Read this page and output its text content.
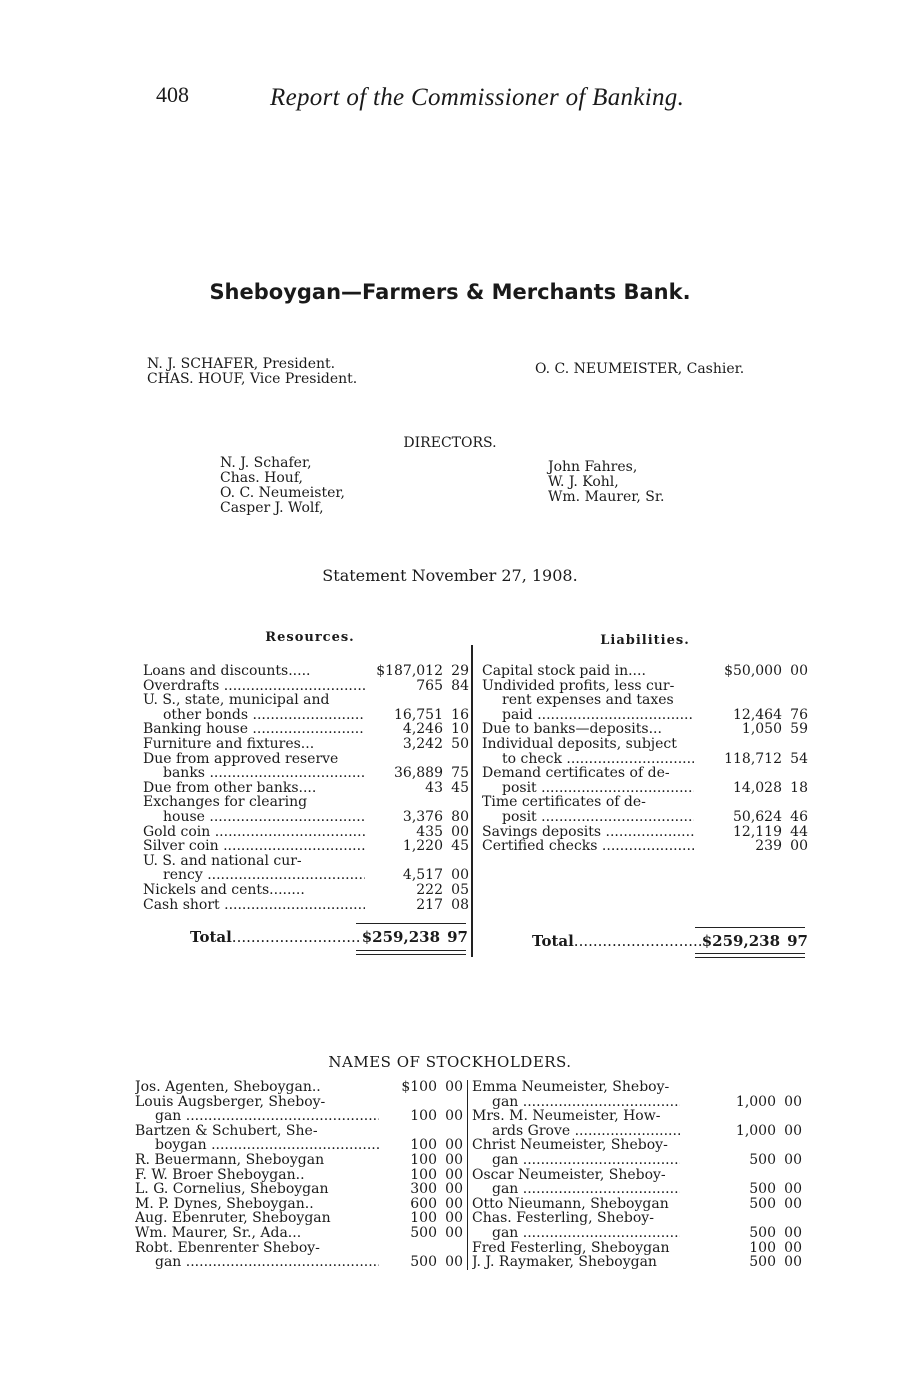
408	Report of the Commissioner of Banking.
Sheboygan—Farmers & Merchants Bank.
N. J. SCHAFER, President.
CHAS. HOUF, Vice President.
O. C. NEUMEISTER, Cashier.
DIRECTORS.
N. J. Schafer,
Chas. Houf,
O. C. Neumeister,
Casper J. Wolf,
John Fahres,
W. J. Kohl,
Wm. Maurer, Sr.
Statement November 27, 1908.
Resources.	Liabilities.
Loans and discounts.....	$187,012 29
Overdrafts .....	765 84
U. S., state, municipal and
other bonds .....	16,751 16
Banking house .....	4,246 10
Furniture and fixtures...	3,242 50
Due from approved reserve
banks .....	36,889 75
Due from other banks....	43 45
Exchanges for clearing
house .....	3,376 80
Gold coin .....	435 00
Silver coin .....	1,220 45
U. S. and national cur-
rency .....	4,517 00
Nickels and cents........	222 05
Cash short .....	217 08
Capital stock paid in....	$50,000 00
Undivided profits, less cur-
rent expenses and taxes
paid .....	12,464 76
Due to banks—deposits...	1,050 59
Individual deposits, subject
to check .....	118,712 54
Demand certificates of de-
posit .....	14,028 18
Time certificates of de-
posit .....	50,624 46
Savings deposits .....	12,119 44
Certified checks .....	239 00
Total .....	$259,238 97	Total .....	$259,238 97
NAMES OF STOCKHOLDERS.
Jos. Agenten, Sheboygan..	$100 00
Louis Augsberger, Sheboy-
gan .....	100 00
Bartzen & Schubert, She-
boygan .....	100 00
R. Beuermann, Sheboygan	100 00
F. W. Broer Sheboygan..	100 00
L. G. Cornelius, Sheboygan	300 00
M. P. Dynes, Sheboygan..	600 00
Aug. Ebenruter, Sheboygan	100 00
Wm. Maurer, Sr., Ada...	500 00
Robt. Ebenrenter Sheboy-
gan .....	500 00
Emma Neumeister, Sheboy-
gan .....	1,000 00
Mrs. M. Neumeister, How-
ards Grove .....	1,000 00
Christ Neumeister, Sheboy-
gan .....	500 00
Oscar Neumeister, Sheboy-
gan .....	500 00
Otto Nieumann, Sheboygan	500 00
Chas. Festerling, Sheboy-
gan .....	500 00
Fred Festerling, Sheboygan	100 00
J. J. Raymaker, Sheboygan	500 00
